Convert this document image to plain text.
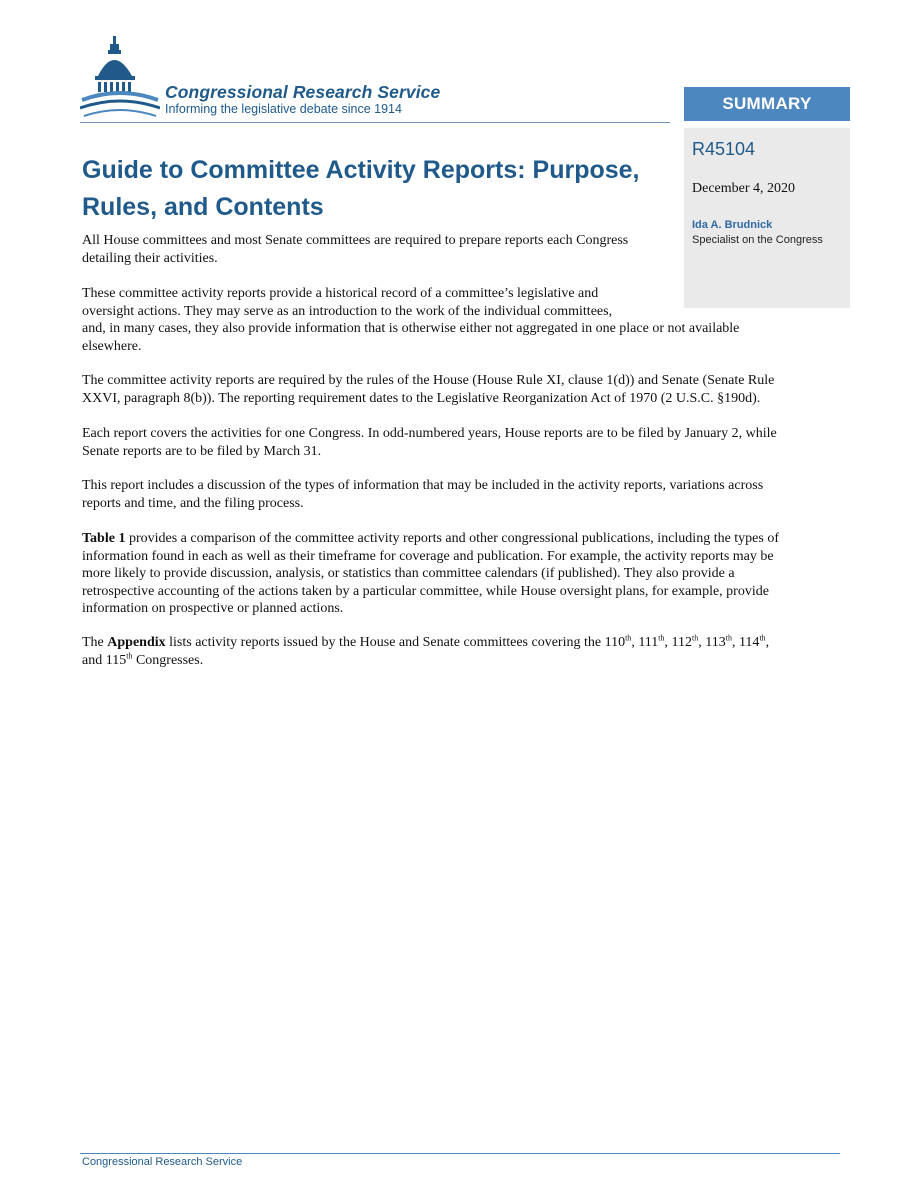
Congressional Research Service
Informing the legislative debate since 1914	SUMMARY
R45104
December 4, 2020
Ida A. Brudnick
Specialist on the Congress
Guide to Committee Activity Reports: Purpose,
Rules, and Contents

All House committees and most Senate committees are required to prepare reports each Congress
detailing their activities.

These committee activity reports provide a historical record of a committee’s legislative and
oversight actions. They may serve as an introduction to the work of the individual committees,
and, in many cases, they also provide information that is otherwise either not aggregated in one place or not available
elsewhere.

The committee activity reports are required by the rules of the House (House Rule XI, clause 1(d)) and Senate (Senate Rule
XXVI, paragraph 8(b)). The reporting requirement dates to the Legislative Reorganization Act of 1970 (2 U.S.C. §190d).

Each report covers the activities for one Congress. In odd-numbered years, House reports are to be filed by January 2, while
Senate reports are to be filed by March 31.

This report includes a discussion of the types of information that may be included in the activity reports, variations across
reports and time, and the filing process.

Table 1 provides a comparison of the committee activity reports and other congressional publications, including the types of
information found in each as well as their timeframe for coverage and publication. For example, the activity reports may be
more likely to provide discussion, analysis, or statistics than committee calendars (if published). They also provide a
retrospective accounting of the actions taken by a particular committee, while House oversight plans, for example, provide
information on prospective or planned actions.

The Appendix lists activity reports issued by the House and Senate committees covering the 110th, 111th, 112th, 113th, 114th,
and 115th Congresses.

Congressional Research Service
